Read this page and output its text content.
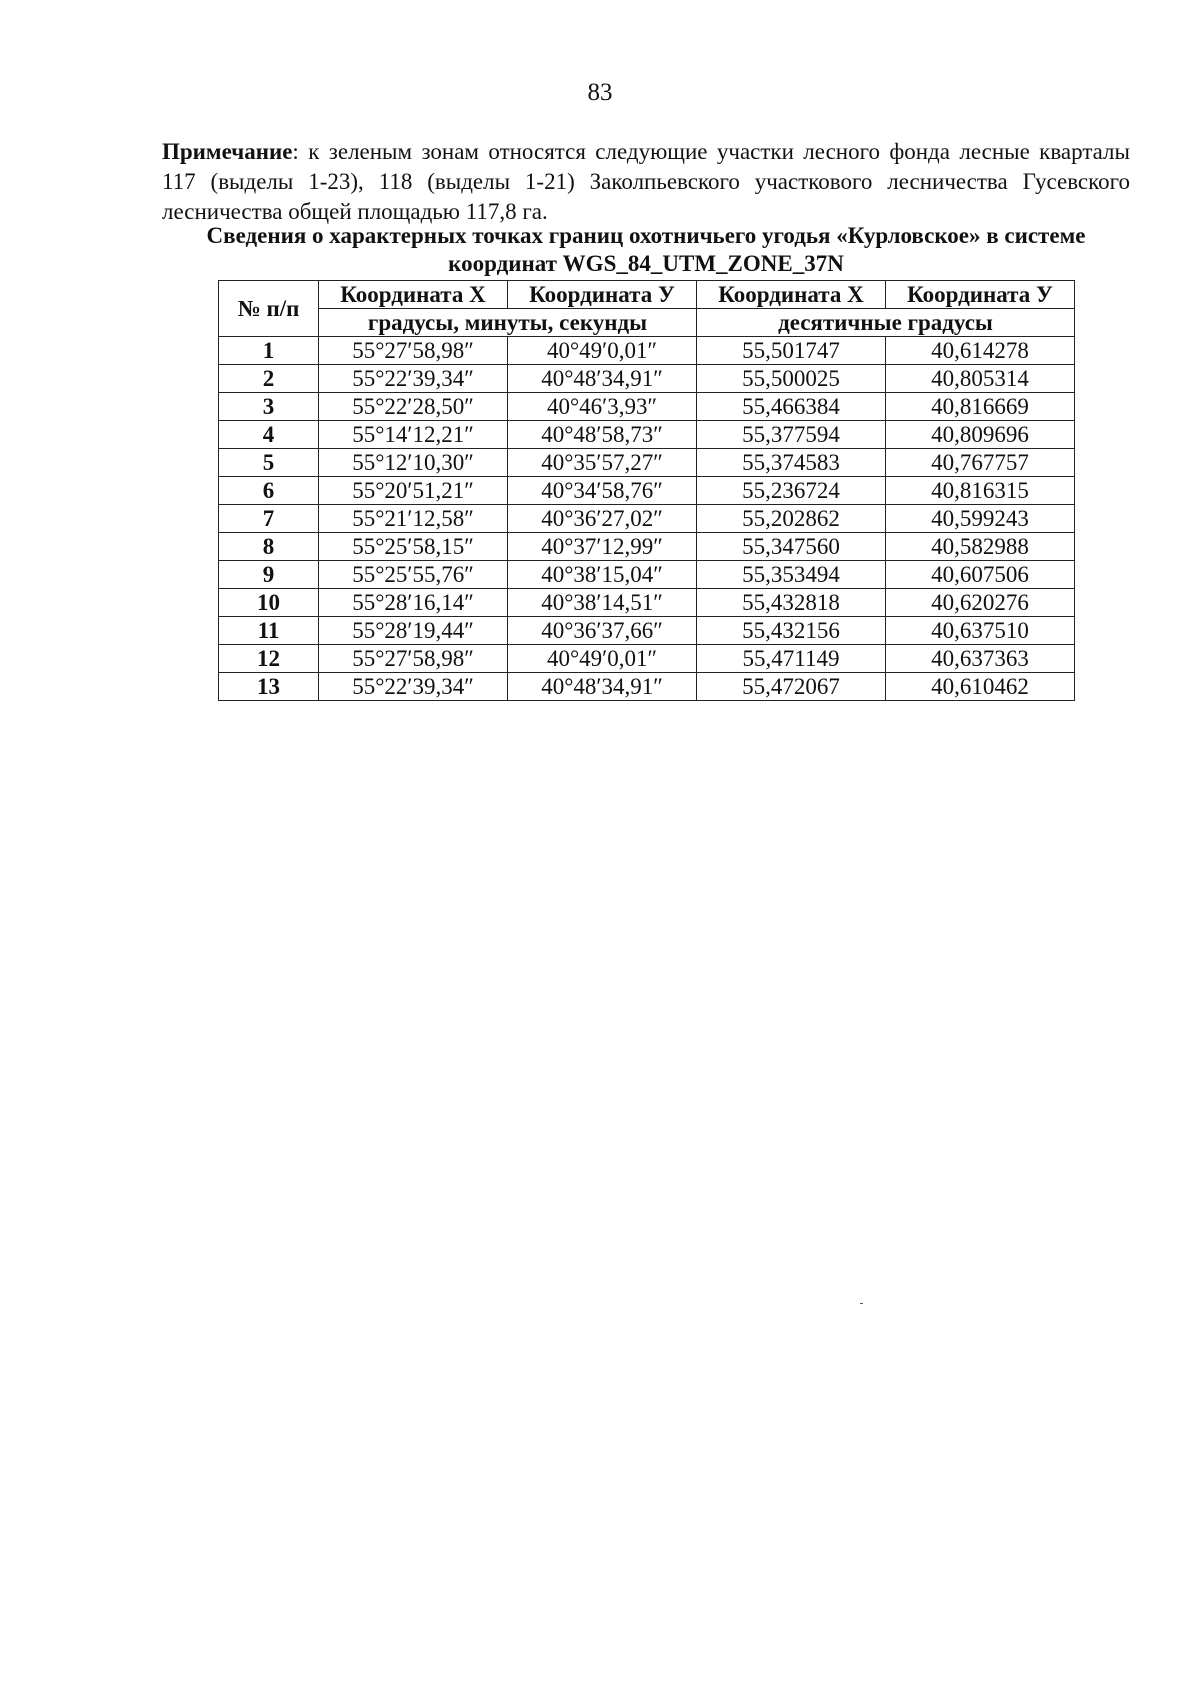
83

Примечание: к зеленым зонам относятся следующие участки лесного фонда лесные кварталы 117 (выделы 1-23), 118 (выделы 1-21) Заколпьевского участкового лесничества Гусевского лесничества общей площадью 117,8 га.

Сведения о характерных точках границ охотничьего угодья «Курловское» в системе координат WGS_84_UTM_ZONE_37N
№ п/п	Координата Х	Координата У	Координата Х	Координата У
	градусы, минуты, секунды		десятичные градусы	
1	55°27′58,98″	40°49′0,01″	55,501747	40,614278
2	55°22′39,34″	40°48′34,91″	55,500025	40,805314
3	55°22′28,50″	40°46′3,93″	55,466384	40,816669
4	55°14′12,21″	40°48′58,73″	55,377594	40,809696
5	55°12′10,30″	40°35′57,27″	55,374583	40,767757
6	55°20′51,21″	40°34′58,76″	55,236724	40,816315
7	55°21′12,58″	40°36′27,02″	55,202862	40,599243
8	55°25′58,15″	40°37′12,99″	55,347560	40,582988
9	55°25′55,76″	40°38′15,04″	55,353494	40,607506
10	55°28′16,14″	40°38′14,51″	55,432818	40,620276
11	55°28′19,44″	40°36′37,66″	55,432156	40,637510
12	55°27′58,98″	40°49′0,01″	55,471149	40,637363
13	55°22′39,34″	40°48′34,91″	55,472067	40,610462
